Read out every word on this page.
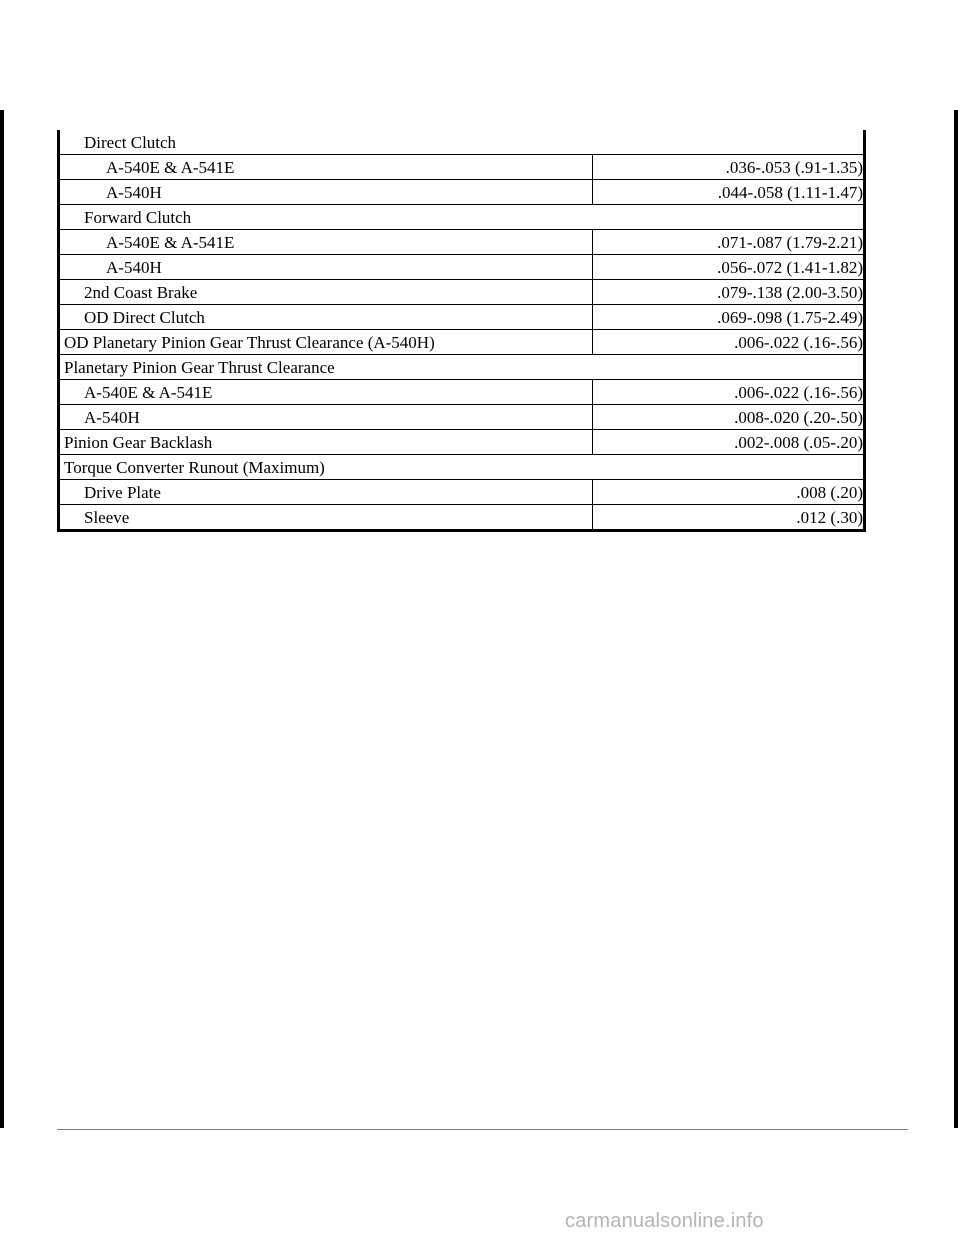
Direct Clutch	
A-540E & A-541E	.036-.053 (.91-1.35)
A-540H	.044-.058 (1.11-1.47)
Forward Clutch	
A-540E & A-541E	.071-.087 (1.79-2.21)
A-540H	.056-.072 (1.41-1.82)
2nd Coast Brake	.079-.138 (2.00-3.50)
OD Direct Clutch	.069-.098 (1.75-2.49)
OD Planetary Pinion Gear Thrust Clearance (A-540H)	.006-.022 (.16-.56)
Planetary Pinion Gear Thrust Clearance	
A-540E & A-541E	.006-.022 (.16-.56)
A-540H	.008-.020 (.20-.50)
Pinion Gear Backlash	.002-.008 (.05-.20)
Torque Converter Runout (Maximum)	
Drive Plate	.008 (.20)
Sleeve	.012 (.30)
carmanualsonline.info
